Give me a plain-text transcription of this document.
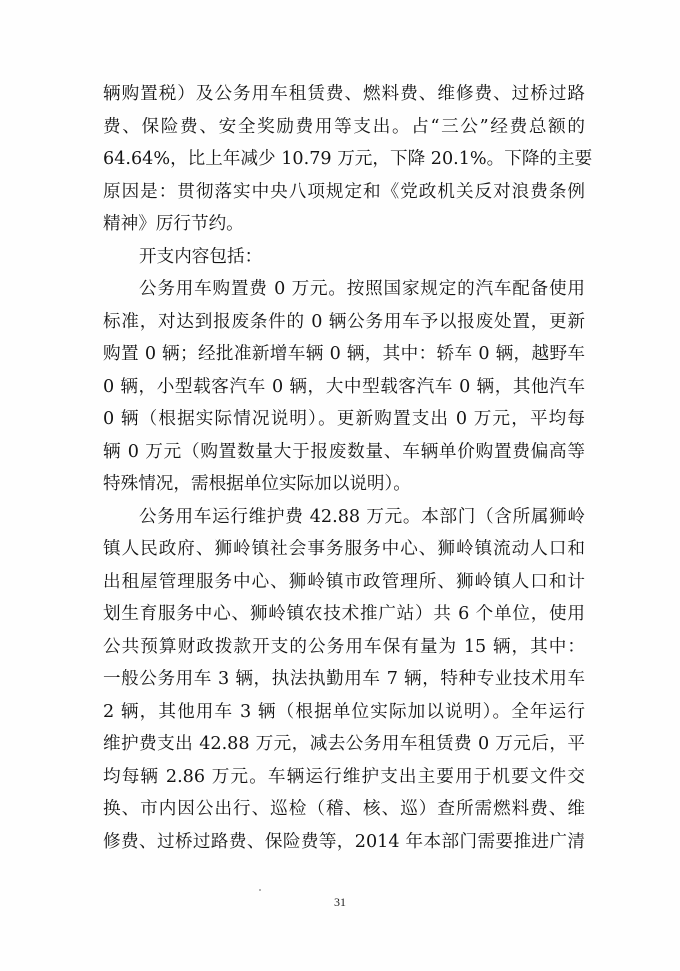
辆购置税）及公务用车租赁费、燃料费、维修费、过桥过路
费、保险费、安全奖励费用等支出。占“三公”经费总额的
64.64%，比上年减少 10.79 万元，下降 20.1%。下降的主要
原因是：贯彻落实中央八项规定和《党政机关反对浪费条例
精神》厉行节约。
开支内容包括：
公务用车购置费 0 万元。按照国家规定的汽车配备使用
标准，对达到报废条件的 0 辆公务用车予以报废处置，更新
购置 0 辆；经批准新增车辆 0 辆，其中：轿车 0 辆，越野车
0 辆，小型载客汽车 0 辆，大中型载客汽车 0 辆，其他汽车
0 辆（根据实际情况说明）。更新购置支出 0 万元，平均每
辆 0 万元（购置数量大于报废数量、车辆单价购置费偏高等
特殊情况，需根据单位实际加以说明）。
公务用车运行维护费 42.88 万元。本部门（含所属狮岭
镇人民政府、狮岭镇社会事务服务中心、狮岭镇流动人口和
出租屋管理服务中心、狮岭镇市政管理所、狮岭镇人口和计
划生育服务中心、狮岭镇农技术推广站）共 6 个单位，使用
公共预算财政拨款开支的公务用车保有量为 15 辆，其中：
一般公务用车 3 辆，执法执勤用车 7 辆，特种专业技术用车
2 辆，其他用车 3 辆（根据单位实际加以说明）。全年运行
维护费支出 42.88 万元，减去公务用车租赁费 0 万元后，平
均每辆 2.86 万元。车辆运行维护支出主要用于机要文件交
换、市内因公出行、巡检（稽、核、巡）查所需燃料费、维
修费、过桥过路费、保险费等，2014 年本部门需要推进广清
31
